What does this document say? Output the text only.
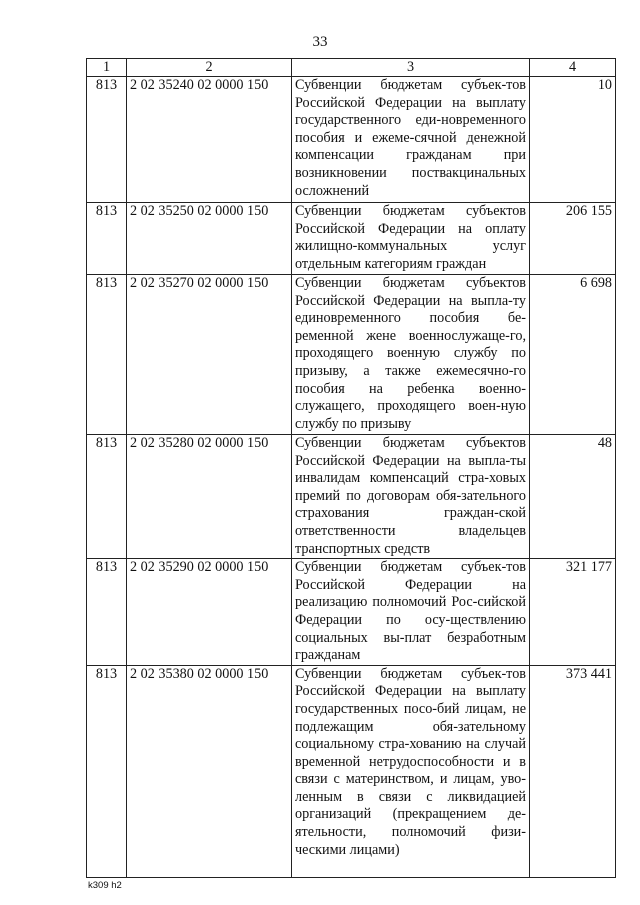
33
1	2	3	4
813	2 02 35240 02 0000 150	Субвенции бюджетам субъек-тов Российской Федерации на выплату государственного еди-новременного пособия и ежеме-сячной денежной компенсации гражданам при возникновении поствакцинальных осложнений	10
813	2 02 35250 02 0000 150	Субвенции бюджетам субъектов Российской Федерации на оплату жилищно-коммунальных услуг отдельным категориям граждан	206 155
813	2 02 35270 02 0000 150	Субвенции бюджетам субъектов Российской Федерации на выпла-ту единовременного пособия бе-ременной жене военнослужаще-го, проходящего военную службу по призыву, а также ежемесячно-го пособия на ребенка военно-служащего, проходящего воен-ную службу по призыву	6 698
813	2 02 35280 02 0000 150	Субвенции бюджетам субъектов Российской Федерации на выпла-ты инвалидам компенсаций стра-ховых премий по договорам обя-зательного страхования граждан-ской ответственности владельцев транспортных средств	48
813	2 02 35290 02 0000 150	Субвенции бюджетам субъек-тов Российской Федерации на реализацию полномочий Рос-сийской Федерации по осу-ществлению социальных вы-плат безработным гражданам	321 177
813	2 02 35380 02 0000 150	Субвенции бюджетам субъек-тов Российской Федерации на выплату государственных посо-бий лицам, не подлежащим обя-зательному социальному стра-хованию на случай временной нетрудоспособности и в связи с материнством, и лицам, уво-ленным в связи с ликвидацией организаций (прекращением де-ятельности, полномочий физи-ческими лицами)	373 441
k309 h2
